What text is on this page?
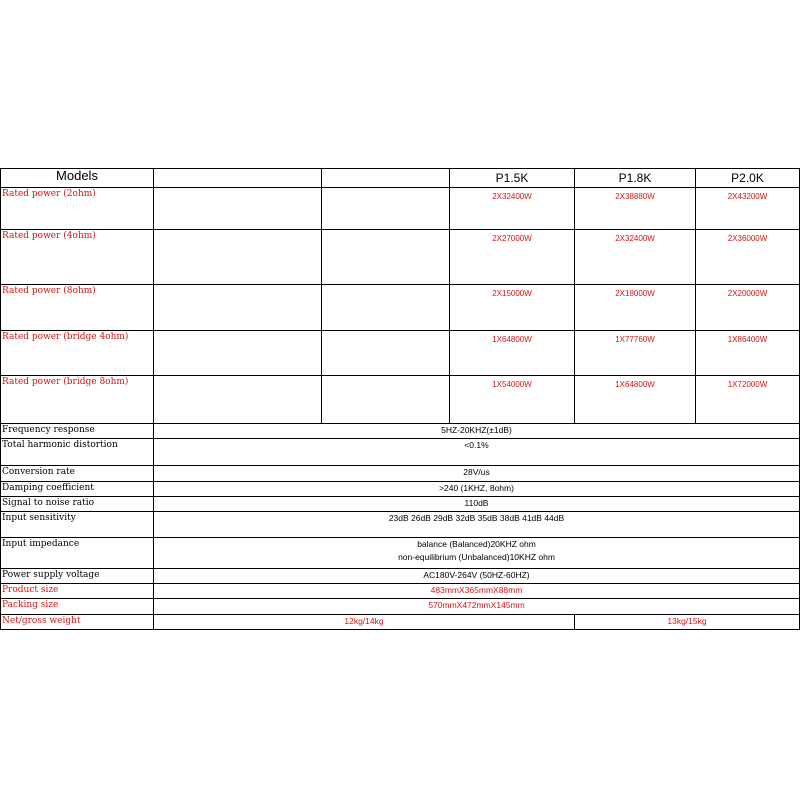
Models			P1.5K	P1.8K	P2.0K
Rated power (2ohm)			2X32400W	2X38880W	2X43200W
Rated power (4ohm)			2X27000W	2X32400W	2X36000W
Rated power (8ohm)			2X15000W	2X18000W	2X20000W
Rated power (bridge 4ohm)			1X64800W	1X77760W	1X86400W
Rated power (bridge 8ohm)			1X54000W	1X64800W	1X72000W
Frequency response	5HZ-20KHZ(±1dB)				
Total harmonic distortion	<0.1%				
Conversion rate	28V/us				
Damping coefficient	>240 (1KHZ, 8ohm)				
Signal to noise ratio	110dB				
Input sensitivity	23dB 26dB 29dB 32dB 35dB 38dB 41dB 44dB				
Input impedance	balance (Balanced)20KHZ ohm
non-equilibrium (Unbalanced)10KHZ ohm				

Power supply voltage	AC180V-264V (50HZ-60HZ)				
Product size	483mmX365mmX88mm				
Packing size	570mmX472mmX145mm				
Net/gross weight	12kg/14kg			13kg/15kg	
